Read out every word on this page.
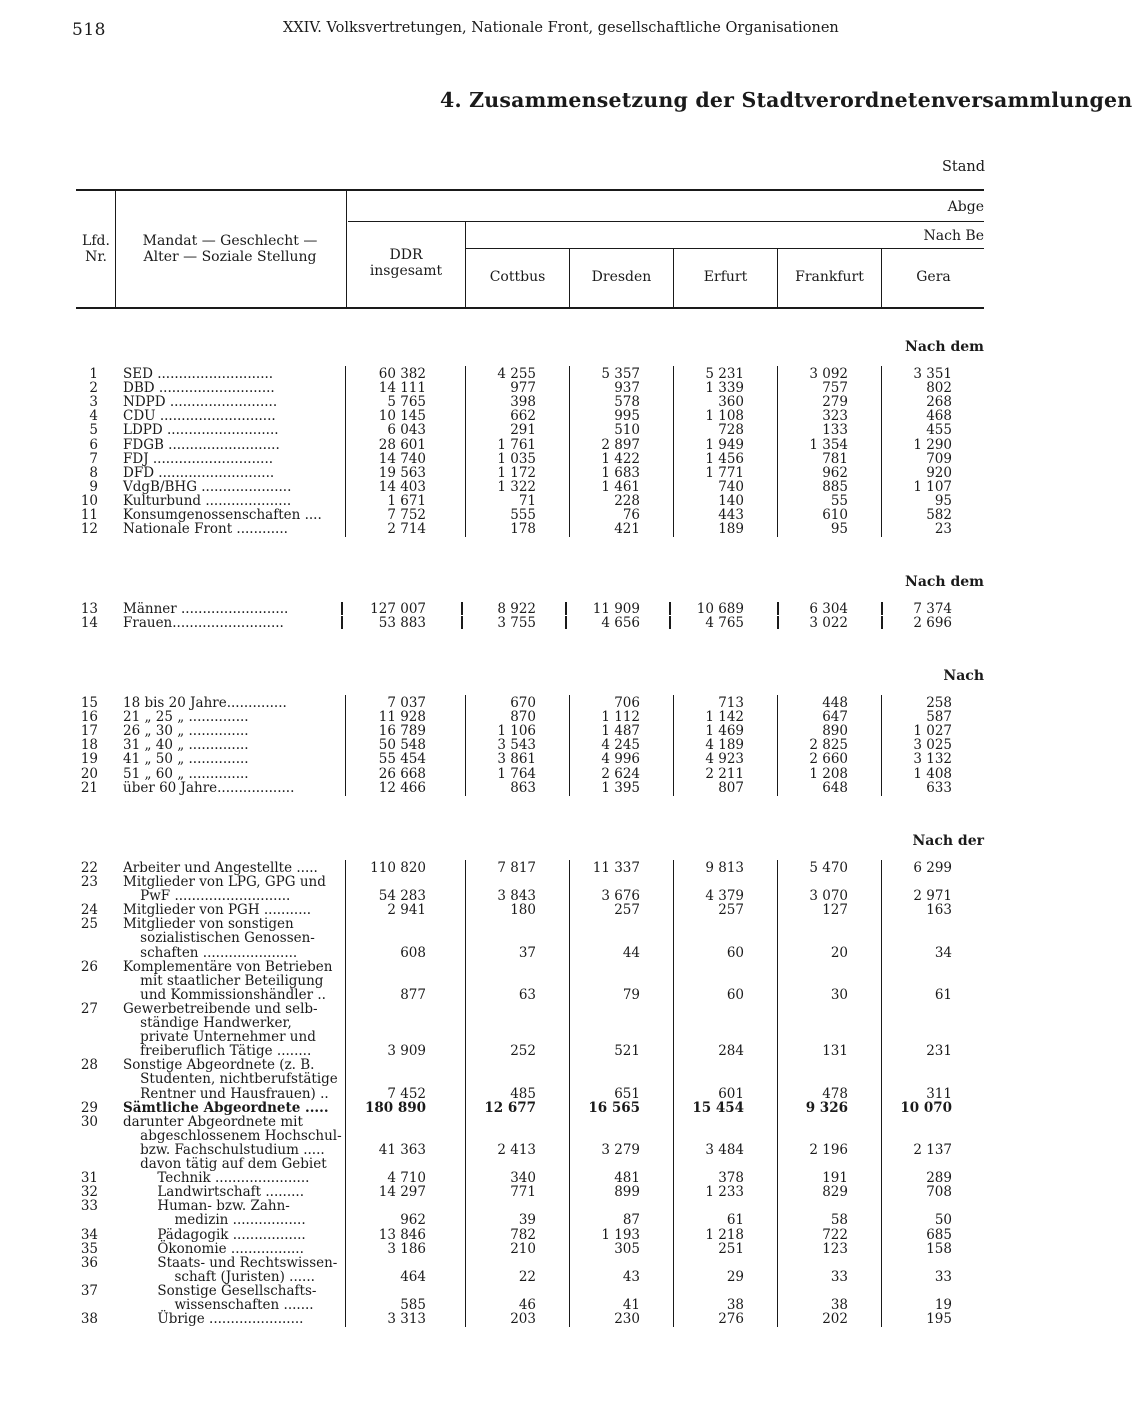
518	XXIV. Volksvertretungen, Nationale Front, gesellschaftliche Organisationen
4. Zusammensetzung der Stadtverordnetenversammlungen
Stand
Lfd.
Nr.
Mandat — Geschlecht —
Alter — Soziale Stellung
Abge
Nach Be
DDR
insgesamt	Cottbus	Dresden	Erfurt	Frankfurt	Gera
Nach dem
1 SED ...........................	60 382	4 255	5 357	5 231	3 092	3 351
2 DBD ...........................	14 111	977	937	1 339	757	802
3 NDPD .........................	5 765	398	578	360	279	268
4 CDU ...........................	10 145	662	995	1 108	323	468
5 LDPD ..........................	6 043	291	510	728	133	455
6 FDGB ..........................	28 601	1 761	2 897	1 949	1 354	1 290
7 FDJ ............................	14 740	1 035	1 422	1 456	781	709
8 DFD ...........................	19 563	1 172	1 683	1 771	962	920
9 VdgB/BHG .....................	14 403	1 322	1 461	740	885	1 107
10 Kulturbund ....................	1 671	71	228	140	55	95
11 Konsumgenossenschaften ....	7 752	555	76	443	610	582
12 Nationale Front ............	2 714	178	421	189	95	23
Nach dem
13 Männer .........................	127 007	8 922	11 909	10 689	6 304	7 374
14 Frauen..........................	53 883	3 755	4 656	4 765	3 022	2 696
Nach
15 18 bis 20 Jahre..............	7 037	670	706	713	448	258
16 21 „ 25 „ ..............	11 928	870	1 112	1 142	647	587
17 26 „ 30 „ ..............	16 789	1 106	1 487	1 469	890	1 027
18 31 „ 40 „ ..............	50 548	3 543	4 245	4 189	2 825	3 025
19 41 „ 50 „ ..............	55 454	3 861	4 996	4 923	2 660	3 132
20 51 „ 60 „ ..............	26 668	1 764	2 624	2 211	1 208	1 408
21 über 60 Jahre..................	12 466	863	1 395	807	648	633
Nach der
22 Arbeiter und Angestellte .....	110 820	7 817	11 337	9 813	5 470	6 299
23 Mitglieder von LPG, GPG und
PwF ...........................	54 283	3 843	3 676	4 379	3 070	2 971
24 Mitglieder von PGH ...........	2 941	180	257	257	127	163
25 Mitglieder von sonstigen
sozialistischen Genossen-
schaften ......................	608	37	44	60	20	34
26 Komplementäre von Betrieben
mit staatlicher Beteiligung
und Kommissionshändler ..	877	63	79	60	30	61
27 Gewerbetreibende und selb-
ständige Handwerker,
private Unternehmer und
freiberuflich Tätige ........	3 909	252	521	284	131	231
28 Sonstige Abgeordnete (z. B.
Studenten, nichtberufstätige
Rentner und Hausfrauen) ..	7 452	485	651	601	478	311
29 Sämtliche Abgeordnete .....	180 890	12 677	16 565	15 454	9 326	10 070
30 darunter Abgeordnete mit
abgeschlossenem Hochschul-
bzw. Fachschulstudium .....	41 363	2 413	3 279	3 484	2 196	2 137
davon tätig auf dem Gebiet
31 Technik ......................	4 710	340	481	378	191	289
32 Landwirtschaft .........	14 297	771	899	1 233	829	708
33 Human- bzw. Zahn-
medizin .................	962	39	87	61	58	50
34 Pädagogik .................	13 846	782	1 193	1 218	722	685
35 Ökonomie .................	3 186	210	305	251	123	158
36 Staats- und Rechtswissen-
schaft (Juristen) ......	464	22	43	29	33	33
37 Sonstige Gesellschafts-
wissenschaften .......	585	46	41	38	38	19
38 Übrige ......................	3 313	203	230	276	202	195
